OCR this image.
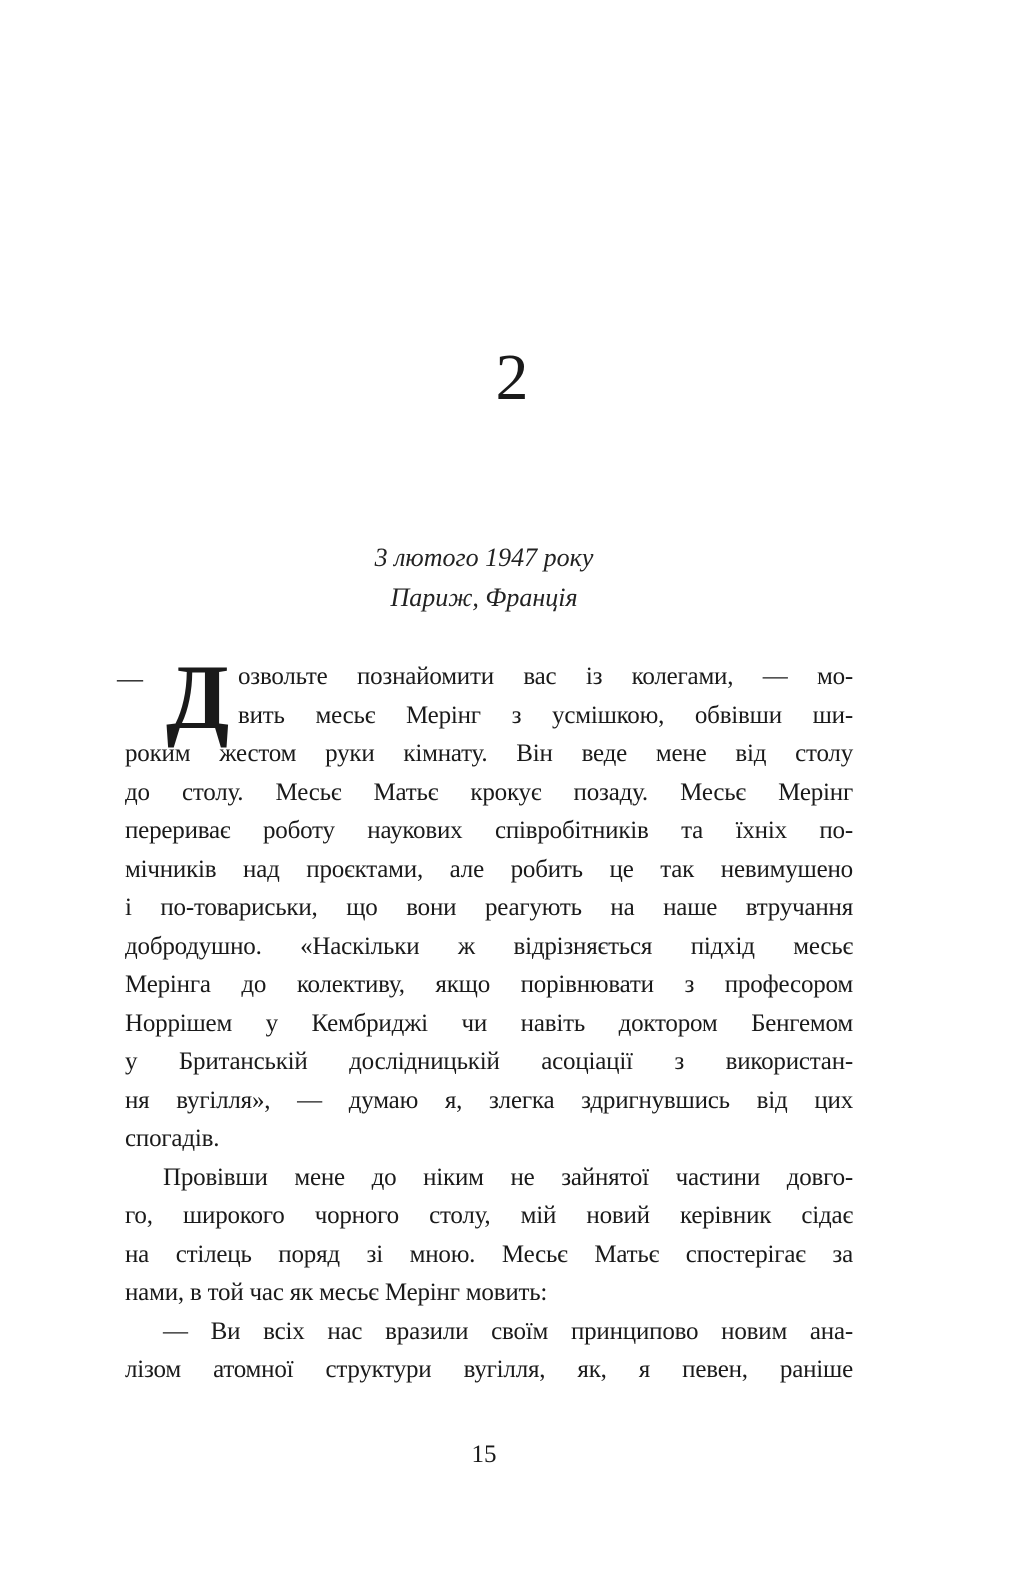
2
3 лютого 1947 року
Париж, Франція
— Д озвольте познайомити вас із колегами, — мо-
вить месьє Мерінг з усмішкою, обвівши ши-
роким жестом руки кімнату. Він веде мене від столу
до столу. Месьє Матьє крокує позаду. Месьє Мерінг
перериває роботу наукових співробітників та їхніх по-
мічників над проєктами, але робить це так невимушено
і по-товариськи, що вони реагують на наше втручання
добродушно. «Наскільки ж відрізняється підхід месьє
Мерінга до колективу, якщо порівнювати з професором
Норрішем у Кембриджі чи навіть доктором Бенгемом
у Британській дослідницькій асоціації з використан-
ня вугілля», — думаю я, злегка здригнувшись від цих
спогадів.
Провівши мене до ніким не зайнятої частини довго-
го, широкого чорного столу, мій новий керівник сідає
на стілець поряд зі мною. Месьє Матьє спостерігає за
нами, в той час як месьє Мерінг мовить:
— Ви всіх нас вразили своїм принципово новим ана-
лізом атомної структури вугілля, як, я певен, раніше
15
